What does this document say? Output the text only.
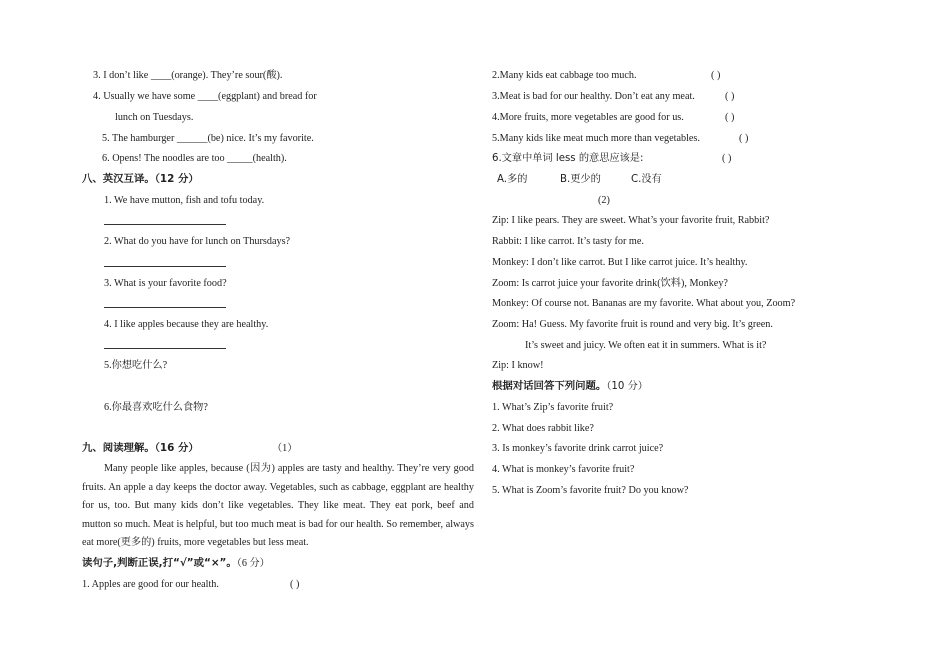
3. I don’t like ____(orange). They’re sour(酸).
4. Usually we have some ____(eggplant) and bread for
lunch on Tuesdays.
5. The hamburger ______(be) nice. It’s my favorite.
6. Opens! The noodles are too _____(health).
八、英汉互译。（12 分）
1. We have mutton, fish and tofu today.
2. What do you have for lunch on Thursdays?
3. What is your favorite food?
4. I like apples because they are healthy.
5.你想吃什么?
6.你最喜欢吃什么食物?
九、阅读理解。（16 分）	（1）
Many people like apples, because (因为) apples are tasty and healthy. They’re very good fruits. An apple a day keeps the doctor away. Vegetables, such as cabbage, eggplant are healthy for us, too. But many kids don’t like vegetables. They like meat. They eat pork, beef and mutton so much. Meat is helpful, but too much meat is bad for our health. So remember, always eat more(更多的) fruits, more vegetables but less meat.
读句子,判断正误,打“√”或“×”。（6 分）
1. Apples are good for our health.	( )
2.Many kids eat cabbage too much.	( )
3.Meat is bad for our healthy. Don’t eat any meat.	( )
4.More fruits, more vegetables are good for us.	( )
5.Many kids like meat much more than vegetables.	( )
6.文章中单词 less 的意思应该是:	( )
A.多的	B.更少的	C.没有
(2)
Zip: I like pears. They are sweet. What’s your favorite fruit, Rabbit?
Rabbit: I like carrot. It’s tasty for me.
Monkey: I don’t like carrot. But I like carrot juice. It’s healthy.
Zoom: Is carrot juice your favorite drink(饮料), Monkey?
Monkey: Of course not. Bananas are my favorite. What about you, Zoom?
Zoom: Ha! Guess. My favorite fruit is round and very big. It’s green.
It’s sweet and juicy. We often eat it in summers. What is it?
Zip: I know!
根据对话回答下列问题。（10 分）
1. What’s Zip’s favorite fruit?
2. What does rabbit like?
3. Is monkey’s favorite drink carrot juice?
4. What is monkey’s favorite fruit?
5. What is Zoom’s favorite fruit? Do you know?
